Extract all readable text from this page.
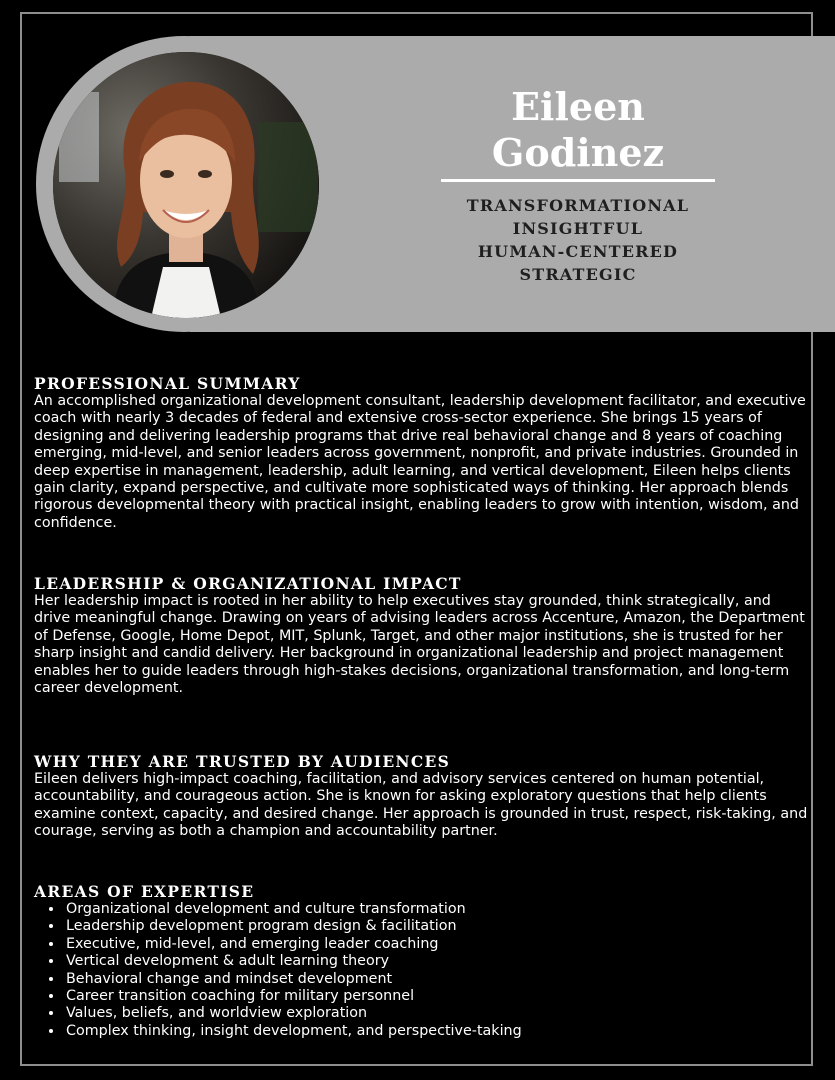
Eileen
Godinez
TRANSFORMATIONAL
INSIGHTFUL
HUMAN-CENTERED
STRATEGIC
PROFESSIONAL SUMMARY

An accomplished organizational development consultant, leadership development facilitator, and executive coach with nearly 3 decades of federal and extensive cross-sector experience. She brings 15 years of designing and delivering leadership programs that drive real behavioral change and 8 years of coaching emerging, mid-level, and senior leaders across government, nonprofit, and private industries. Grounded in deep expertise in management, leadership, adult learning, and vertical development, Eileen helps clients gain clarity, expand perspective, and cultivate more sophisticated ways of thinking. Her approach blends rigorous developmental theory with practical insight, enabling leaders to grow with intention, wisdom, and confidence.

LEADERSHIP & ORGANIZATIONAL IMPACT

Her leadership impact is rooted in her ability to help executives stay grounded, think strategically, and drive meaningful change. Drawing on years of advising leaders across Accenture, Amazon, the Department of Defense, Google, Home Depot, MIT, Splunk, Target, and other major institutions, she is trusted for her sharp insight and candid delivery. Her background in organizational leadership and project management enables her to guide leaders through high-stakes decisions, organizational transformation, and long-term career development.

WHY THEY ARE TRUSTED BY AUDIENCES

Eileen delivers high-impact coaching, facilitation, and advisory services centered on human potential, accountability, and courageous action. She is known for asking exploratory questions that help clients examine context, capacity, and desired change. Her approach is grounded in trust, respect, risk-taking, and courage, serving as both a champion and accountability partner.

AREAS OF EXPERTISE
• Organizational development and culture transformation
• Leadership development program design & facilitation
• Executive, mid-level, and emerging leader coaching
• Vertical development & adult learning theory
• Behavioral change and mindset development
• Career transition coaching for military personnel
• Values, beliefs, and worldview exploration
• Complex thinking, insight development, and perspective-taking
